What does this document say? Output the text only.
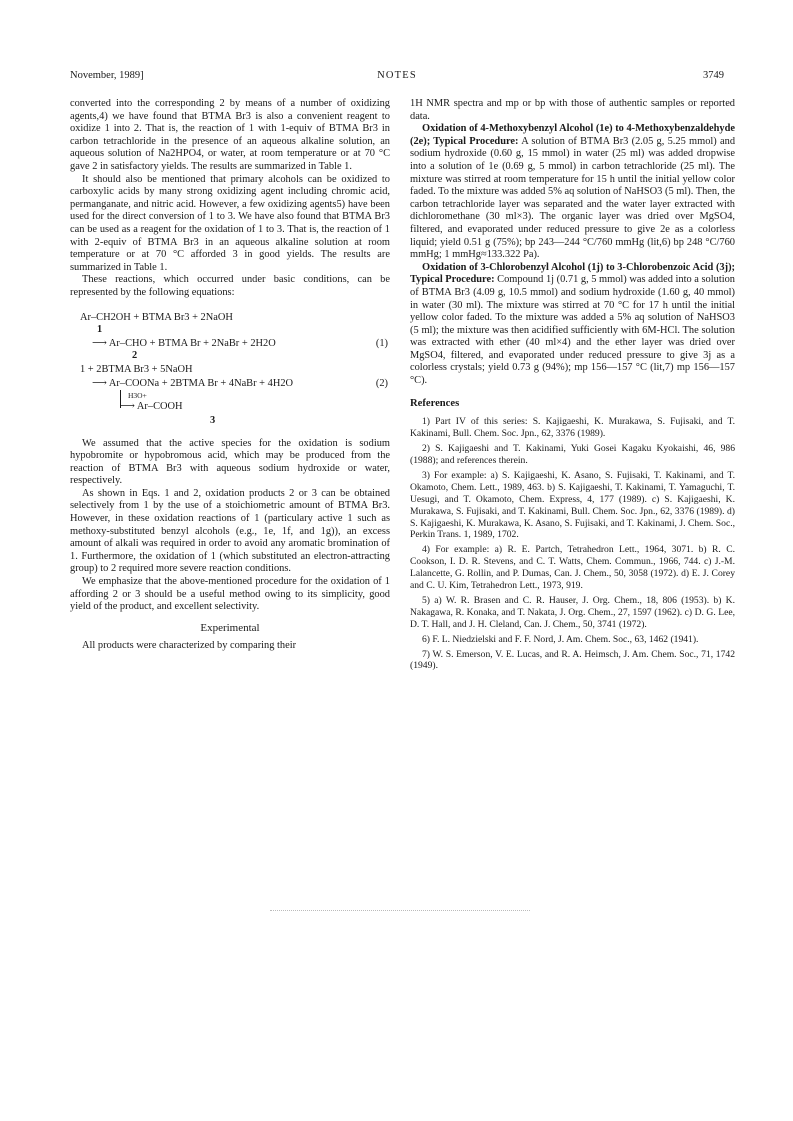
November, 1989]	NOTES	3749

converted into the corresponding 2 by means of a number of oxidizing agents,4) we have found that BTMA Br3 is also a convenient reagent to oxidize 1 into 2. That is, the reaction of 1 with 1-equiv of BTMA Br3 in carbon tetrachloride in the presence of an aqueous alkaline solution, an aqueous solution of Na2HPO4, or water, at room temperature or at 70 °C gave 2 in satisfactory yields. The results are summarized in Table 1.

It should also be mentioned that primary alcohols can be oxidized to carboxylic acids by many strong oxidizing agent including chromic acid, permanganate, and nitric acid. However, a few oxidizing agents5) have been used for the direct conversion of 1 to 3. We have also found that BTMA Br3 can be used as a reagent for the oxidation of 1 to 3. That is, the reaction of 1 with 2-equiv of BTMA Br3 in an aqueous alkaline solution at room temperature or at 70 °C afforded 3 in good yields. The results are summarized in Table 1.

These reactions, which occurred under basic conditions, can be represented by the following equations:

Ar–CH2OH + BTMA Br3 + 2NaOH
1
⟶ Ar–CHO + BTMA Br + 2NaBr + 2H2O	(1)
2
1 + 2BTMA Br3 + 5NaOH
⟶ Ar–COONa + 2BTMA Br + 4NaBr + 4H2O	(2)
H3O+
⟶ Ar–COOH
3

We assumed that the active species for the oxidation is sodium hypobromite or hypobromous acid, which may be produced from the reaction of BTMA Br3 with aqueous sodium hydroxide or water, respectively.

As shown in Eqs. 1 and 2, oxidation products 2 or 3 can be obtained selectively from 1 by the use of a stoichiometric amount of BTMA Br3. However, in these oxidation reactions of 1 (particulary active 1 such as methoxy-substituted benzyl alcohols (e.g., 1e, 1f, and 1g)), an excess amount of alkali was required in order to avoid any aromatic bromination of 1. Furthermore, the oxidation of 1 (which substituted an electron-attracting group) to 2 required more severe reaction conditions.

We emphasize that the above-mentioned procedure for the oxidation of 1 affording 2 or 3 should be a useful method owing to its simplicity, good yield of the product, and excellent selectivity.

Experimental

All products were characterized by comparing their

1H NMR spectra and mp or bp with those of authentic samples or reported data.

Oxidation of 4-Methoxybenzyl Alcohol (1e) to 4-Methoxybenzaldehyde (2e); Typical Procedure: A solution of BTMA Br3 (2.05 g, 5.25 mmol) and sodium hydroxide (0.60 g, 15 mmol) in water (25 ml) was added dropwise into a solution of 1e (0.69 g, 5 mmol) in carbon tetrachloride (25 ml). The mixture was stirred at room temperature for 15 h until the initial yellow color faded. To the mixture was added 5% aq solution of NaHSO3 (5 ml). Then, the carbon tetrachloride layer was separated and the water layer extracted with dichloromethane (30 ml×3). The organic layer was dried over MgSO4, filtered, and evaporated under reduced pressure to give 2e as a colorless liquid; yield 0.51 g (75%); bp 243—244 °C/760 mmHg (lit,6) bp 248 °C/760 mmHg; 1 mmHg≈133.322 Pa).

Oxidation of 3-Chlorobenzyl Alcohol (1j) to 3-Chlorobenzoic Acid (3j); Typical Procedure: Compound 1j (0.71 g, 5 mmol) was added into a solution of BTMA Br3 (4.09 g, 10.5 mmol) and sodium hydroxide (1.60 g, 40 mmol) in water (30 ml). The mixture was stirred at 70 °C for 17 h until the initial yellow color faded. To the mixture was added a 5% aq solution of NaHSO3 (5 ml); the mixture was then acidified sufficiently with 6M-HCl. The solution was extracted with ether (40 ml×4) and the ether layer was dried over MgSO4, filtered, and evaporated under reduced pressure to give 3j as a colorless crystals; yield 0.73 g (94%); mp 156—157 °C (lit,7) mp 156—157 °C).

References
1) Part IV of this series: S. Kajigaeshi, K. Murakawa, S. Fujisaki, and T. Kakinami, Bull. Chem. Soc. Jpn., 62, 3376 (1989).
2) S. Kajigaeshi and T. Kakinami, Yuki Gosei Kagaku Kyokaishi, 46, 986 (1988); and references therein.
3) For example: a) S. Kajigaeshi, K. Asano, S. Fujisaki, T. Kakinami, and T. Okamoto, Chem. Lett., 1989, 463. b) S. Kajigaeshi, T. Kakinami, T. Yamaguchi, T. Uesugi, and T. Okamoto, Chem. Express, 4, 177 (1989). c) S. Kajigaeshi, K. Murakawa, S. Fujisaki, and T. Kakinami, Bull. Chem. Soc. Jpn., 62, 3376 (1989). d) S. Kajigaeshi, K. Murakawa, K. Asano, S. Fujisaki, and T. Kakinami, J. Chem. Soc., Perkin Trans. 1, 1989, 1702.
4) For example: a) R. E. Partch, Tetrahedron Lett., 1964, 3071. b) R. C. Cookson, I. D. R. Stevens, and C. T. Watts, Chem. Commun., 1966, 744. c) J.-M. Lalancette, G. Rollin, and P. Dumas, Can. J. Chem., 50, 3058 (1972). d) E. J. Corey and C. U. Kim, Tetrahedron Lett., 1973, 919.
5) a) W. R. Brasen and C. R. Hauser, J. Org. Chem., 18, 806 (1953). b) K. Nakagawa, R. Konaka, and T. Nakata, J. Org. Chem., 27, 1597 (1962). c) D. G. Lee, D. T. Hall, and J. H. Cleland, Can. J. Chem., 50, 3741 (1972).
6) F. L. Niedzielski and F. F. Nord, J. Am. Chem. Soc., 63, 1462 (1941).
7) W. S. Emerson, V. E. Lucas, and R. A. Heimsch, J. Am. Chem. Soc., 71, 1742 (1949).
